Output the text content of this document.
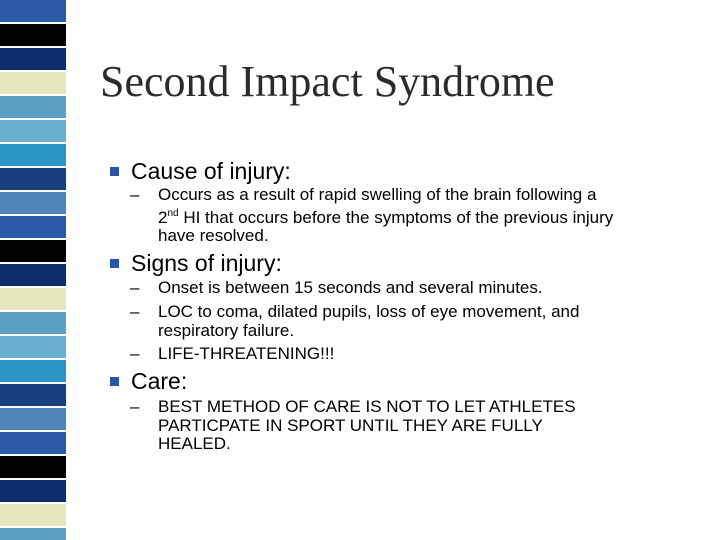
Second Impact Syndrome
Cause of injury:
– Occurs as a result of rapid swelling of the brain following a
2nd HI that occurs before the symptoms of the previous injury
have resolved.
Signs of injury:
– Onset is between 15 seconds and several minutes.
– LOC to coma, dilated pupils, loss of eye movement, and
respiratory failure.
– LIFE-THREATENING!!!
Care:
– BEST METHOD OF CARE IS NOT TO LET ATHLETES
PARTICPATE IN SPORT UNTIL THEY ARE FULLY
HEALED.
